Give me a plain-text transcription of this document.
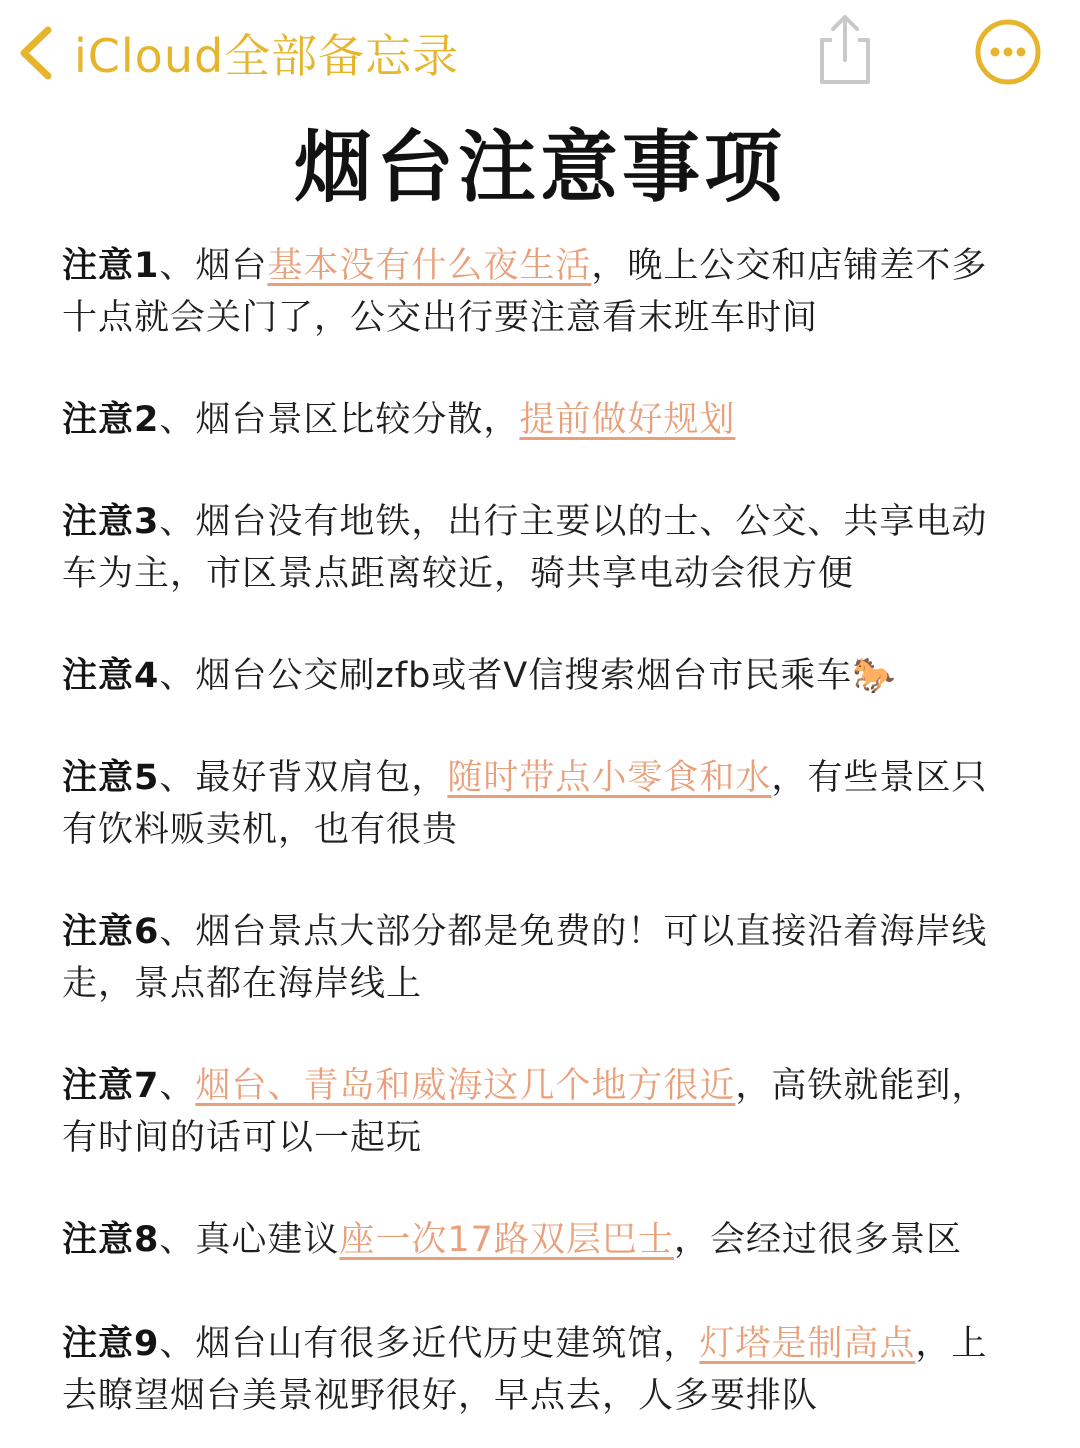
iCloud全部备忘录
烟台注意事项
注意1、烟台基本没有什么夜生活，晚上公交和店铺差不多十点就会关门了，公交出行要注意看末班车时间
注意2、烟台景区比较分散，提前做好规划
注意3、烟台没有地铁，出行主要以的士、公交、共享电动车为主，市区景点距离较近，骑共享电动会很方便
注意4、烟台公交刷zfb或者V信搜索烟台市民乘车🐎
注意5、最好背双肩包，随时带点小零食和水，有些景区只有饮料贩卖机，也有很贵
注意6、烟台景点大部分都是免费的！可以直接沿着海岸线走，景点都在海岸线上
注意7、烟台、青岛和威海这几个地方很近，高铁就能到，有时间的话可以一起玩
注意8、真心建议座一次17路双层巴士，会经过很多景区
注意9、烟台山有很多近代历史建筑馆，灯塔是制高点，上去瞭望烟台美景视野很好，早点去，人多要排队
